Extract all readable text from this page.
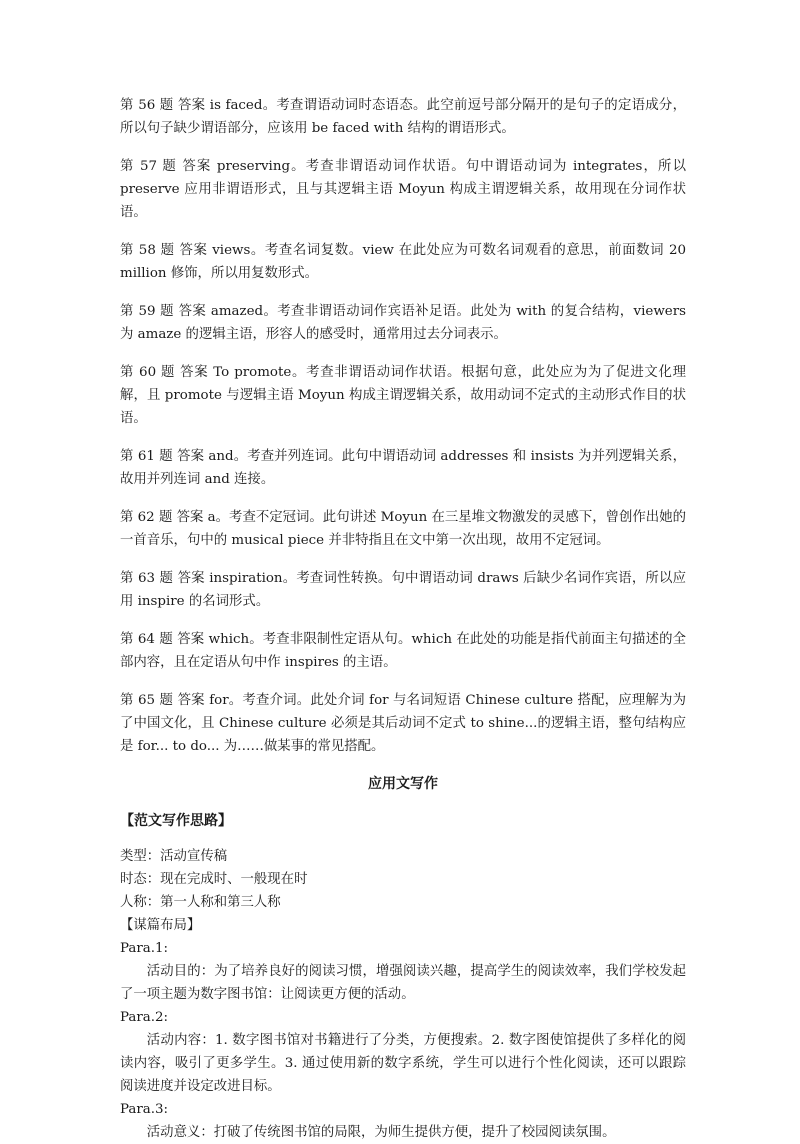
第 56 题 答案 is faced。考查谓语动词时态语态。此空前逗号部分隔开的是句子的定语成分，所以句子缺少谓语部分，应该用 be faced with 结构的谓语形式。

第 57 题 答案 preserving。考查非谓语动词作状语。句中谓语动词为 integrates，所以 preserve 应用非谓语形式，且与其逻辑主语 Moyun 构成主谓逻辑关系，故用现在分词作状语。

第 58 题 答案 views。考查名词复数。view 在此处应为可数名词观看的意思，前面数词 20 million 修饰，所以用复数形式。

第 59 题 答案 amazed。考查非谓语动词作宾语补足语。此处为 with 的复合结构，viewers 为 amaze 的逻辑主语，形容人的感受时，通常用过去分词表示。

第 60 题 答案 To promote。考查非谓语动词作状语。根据句意，此处应为为了促进文化理解，且 promote 与逻辑主语 Moyun 构成主谓逻辑关系，故用动词不定式的主动形式作目的状语。

第 61 题 答案 and。考查并列连词。此句中谓语动词 addresses 和 insists 为并列逻辑关系，故用并列连词 and 连接。

第 62 题 答案 a。考查不定冠词。此句讲述 Moyun 在三星堆文物激发的灵感下，曾创作出她的一首音乐，句中的 musical piece 并非特指且在文中第一次出现，故用不定冠词。

第 63 题 答案 inspiration。考查词性转换。句中谓语动词 draws 后缺少名词作宾语，所以应用 inspire 的名词形式。

第 64 题 答案 which。考查非限制性定语从句。which 在此处的功能是指代前面主句描述的全部内容，且在定语从句中作 inspires 的主语。

第 65 题 答案 for。考查介词。此处介词 for 与名词短语 Chinese culture 搭配，应理解为为了中国文化，且 Chinese culture 必须是其后动词不定式 to shine...的逻辑主语，整句结构应是 for... to do... 为……做某事的常见搭配。

应用文写作
【范文写作思路】

类型：活动宣传稿

时态：现在完成时、一般现在时

人称：第一人称和第三人称

【谋篇布局】

Para.1:

活动目的：为了培养良好的阅读习惯，增强阅读兴趣，提高学生的阅读效率，我们学校发起了一项主题为数字图书馆：让阅读更方便的活动。

Para.2:

活动内容：1. 数字图书馆对书籍进行了分类，方便搜索。2. 数字图使馆提供了多样化的阅读内容，吸引了更多学生。3. 通过使用新的数字系统，学生可以进行个性化阅读，还可以跟踪阅读进度并设定改进目标。

Para.3:

活动意义：打破了传统图书馆的局限，为师生提供方便，提升了校园阅读氛围。
